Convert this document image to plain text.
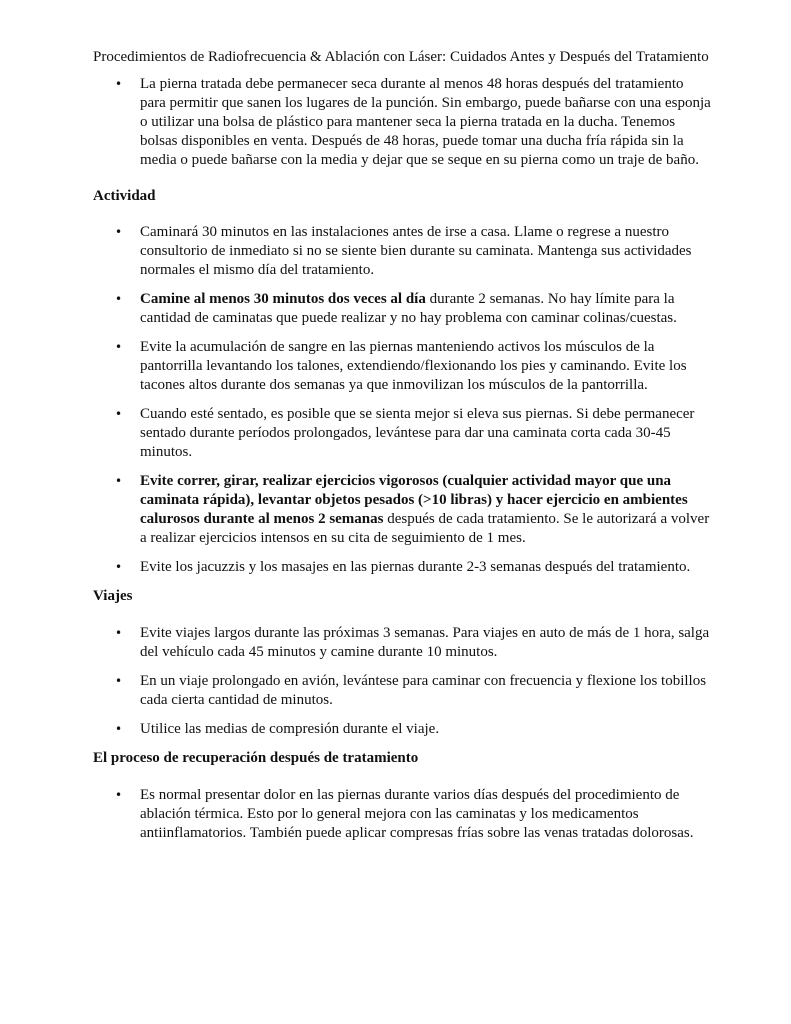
Procedimientos de Radiofrecuencia & Ablación con Láser: Cuidados Antes y Después del Tratamiento

• La pierna tratada debe permanecer seca durante al menos 48 horas después del tratamiento para permitir que sanen los lugares de la punción. Sin embargo, puede bañarse con una esponja o utilizar una bolsa de plástico para mantener seca la pierna tratada en la ducha. Tenemos bolsas disponibles en venta. Después de 48 horas, puede tomar una ducha fría rápida sin la media o puede bañarse con la media y dejar que se seque en su pierna como un traje de baño.

Actividad

• Caminará 30 minutos en las instalaciones antes de irse a casa. Llame o regrese a nuestro consultorio de inmediato si no se siente bien durante su caminata. Mantenga sus actividades normales el mismo día del tratamiento.

• Camine al menos 30 minutos dos veces al día durante 2 semanas. No hay límite para la cantidad de caminatas que puede realizar y no hay problema con caminar colinas/cuestas.

• Evite la acumulación de sangre en las piernas manteniendo activos los músculos de la pantorrilla levantando los talones, extendiendo/flexionando los pies y caminando. Evite los tacones altos durante dos semanas ya que inmovilizan los músculos de la pantorrilla.

• Cuando esté sentado, es posible que se sienta mejor si eleva sus piernas. Si debe permanecer sentado durante períodos prolongados, levántese para dar una caminata corta cada 30-45 minutos.

• Evite correr, girar, realizar ejercicios vigorosos (cualquier actividad mayor que una caminata rápida), levantar objetos pesados (>10 libras) y hacer ejercicio en ambientes calurosos durante al menos 2 semanas después de cada tratamiento. Se le autorizará a volver a realizar ejercicios intensos en su cita de seguimiento de 1 mes.

• Evite los jacuzzis y los masajes en las piernas durante 2-3 semanas después del tratamiento.

Viajes

• Evite viajes largos durante las próximas 3 semanas. Para viajes en auto de más de 1 hora, salga del vehículo cada 45 minutos y camine durante 10 minutos.

• En un viaje prolongado en avión, levántese para caminar con frecuencia y flexione los tobillos cada cierta cantidad de minutos.

• Utilice las medias de compresión durante el viaje.

El proceso de recuperación después de tratamiento

• Es normal presentar dolor en las piernas durante varios días después del procedimiento de ablación térmica. Esto por lo general mejora con las caminatas y los medicamentos antiinflamatorios. También puede aplicar compresas frías sobre las venas tratadas dolorosas.
